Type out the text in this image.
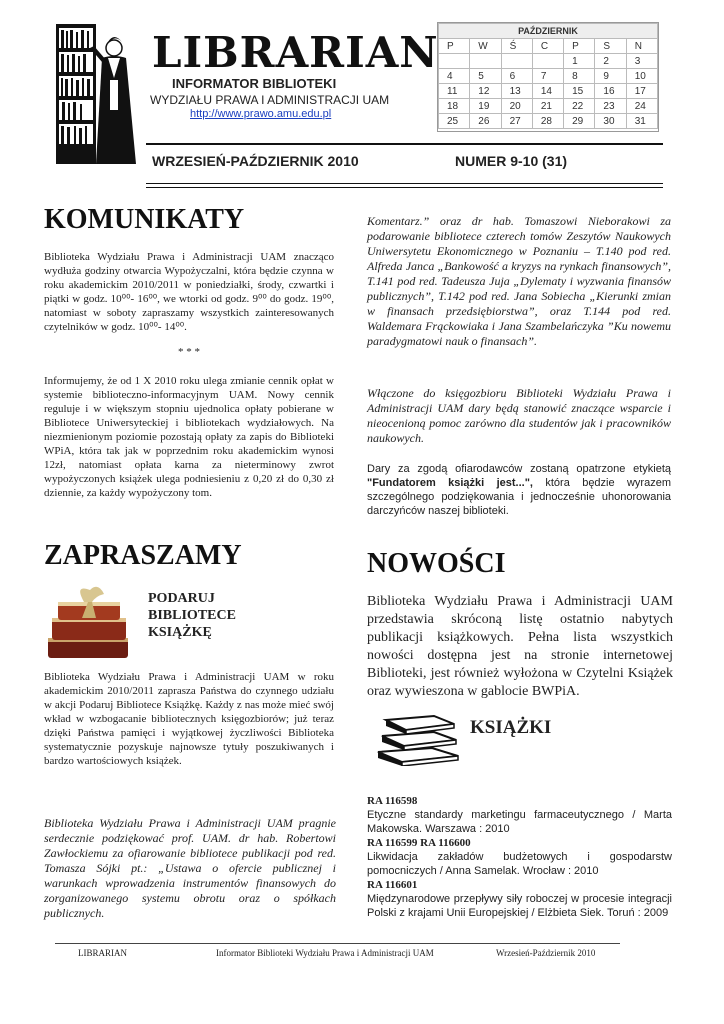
LIBRARIAN
INFORMATOR BIBLIOTEKI
WYDZIAŁU PRAWA I ADMINISTRACJI UAM
http://www.prawo.amu.edu.pl
PAŹDZIERNIK						
P	W	Ś	C	P	S	N
				1	2	3
4	5	6	7	8	9	10
11	12	13	14	15	16	17
18	19	20	21	22	23	24
25	26	27	28	29	30	31
WRZESIEŃ-PAŹDZIERNIK 2010	NUMER 9-10 (31)
KOMUNIKATY
Biblioteka Wydziału Prawa i Administracji UAM znacząco wydłuża godziny otwarcia Wypożyczalni, która będzie czynna w roku akademickim 2010/2011 w poniedziałki, środy, czwartki i piątki w godz. 10⁰⁰- 16⁰⁰, we wtorki od godz. 9⁰⁰ do godz. 19⁰⁰, natomiast w soboty zapraszamy wszystkich zainteresowanych czytelników w godz. 10⁰⁰- 14⁰⁰.
* * *
Informujemy, że od 1 X 2010 roku ulega zmianie cennik opłat w systemie biblioteczno-informacyjnym UAM. Nowy cennik reguluje i w większym stopniu ujednolica opłaty pobierane w Bibliotece Uniwersyteckiej i bibliotekach wydziałowych. Na niezmienionym poziomie pozostają opłaty za zapis do Biblioteki WPiA, która tak jak w poprzednim roku akademickim wynosi 12zł, natomiast opłata karna za nieterminowy zwrot wypożyczonych książek ulega podniesieniu z 0,20 zł do 0,30 zł dziennie, za każdy wypożyczony tom.
Komentarz.” oraz dr hab. Tomaszowi Nieborakowi za podarowanie bibliotece czterech tomów Zeszytów Naukowych Uniwersytetu Ekonomicznego w Poznaniu – T.140 pod red. Alfreda Janca „Bankowość a kryzys na rynkach finansowych”, T.141 pod red. Tadeusza Juja „Dylematy i wyzwania finansów publicznych”, T.142 pod red. Jana Sobiecha „Kierunki zmian w finansach przedsiębiorstwa”, oraz T.144 pod red. Waldemara Frąckowiaka i Jana Szambelańczyka ”Ku nowemu paradygmatowi nauk o finansach”.
Włączone do księgozbioru Biblioteki Wydziału Prawa i Administracji UAM dary będą stanowić znaczące wsparcie i nieocenioną pomoc zarówno dla studentów jak i pracowników naukowych.
Dary za zgodą ofiarodawców zostaną opatrzone etykietą "Fundatorem książki jest...", która będzie wyrazem szczególnego podziękowania i jednocześnie uhonorowania darczyńców naszej biblioteki.
ZAPRASZAMY
PODARUJ BIBLIOTECE KSIĄŻKĘ
Biblioteka Wydziału Prawa i Administracji UAM w roku akademickim 2010/2011 zaprasza Państwa do czynnego udziału w akcji Podaruj Bibliotece Książkę. Każdy z nas może mieć swój wkład w wzbogacanie bibliotecznych księgozbiorów; już teraz dzięki Państwa pamięci i wyjątkowej życzliwości Biblioteka systematycznie pozyskuje najnowsze tytuły poszukiwanych i bardzo wartościowych książek.
Biblioteka Wydziału Prawa i Administracji UAM pragnie serdecznie podziękować prof. UAM. dr hab. Robertowi Zawłockiemu za ofiarowanie bibliotece publikacji pod red. Tomasza Sójki pt.: „Ustawa o ofercie publicznej i warunkach wprowadzenia instrumentów finansowych do zorganizowanego systemu obrotu oraz o spółkach publicznych.
NOWOŚCI
Biblioteka Wydziału Prawa i Administracji UAM przedstawia skróconą listę ostatnio nabytych publikacji książkowych. Pełna lista wszystkich nowości dostępna jest na stronie internetowej Biblioteki, jest również wyłożona w Czytelni Książek oraz wywieszona w gablocie BWPiA.
KSIĄŻKI
RA 116598
Etyczne standardy marketingu farmaceutycznego / Marta Makowska. Warszawa : 2010
RA 116599 RA 116600
Likwidacja zakładów budżetowych i gospodarstw pomocniczych / Anna Samelak. Wrocław : 2010
RA 116601
Międzynarodowe przepływy siły roboczej w procesie integracji Polski z krajami Unii Europejskiej / Elżbieta Siek. Toruń : 2009
LIBRARIAN	Informator Biblioteki Wydziału Prawa i Administracji UAM	Wrzesień-Październik 2010
